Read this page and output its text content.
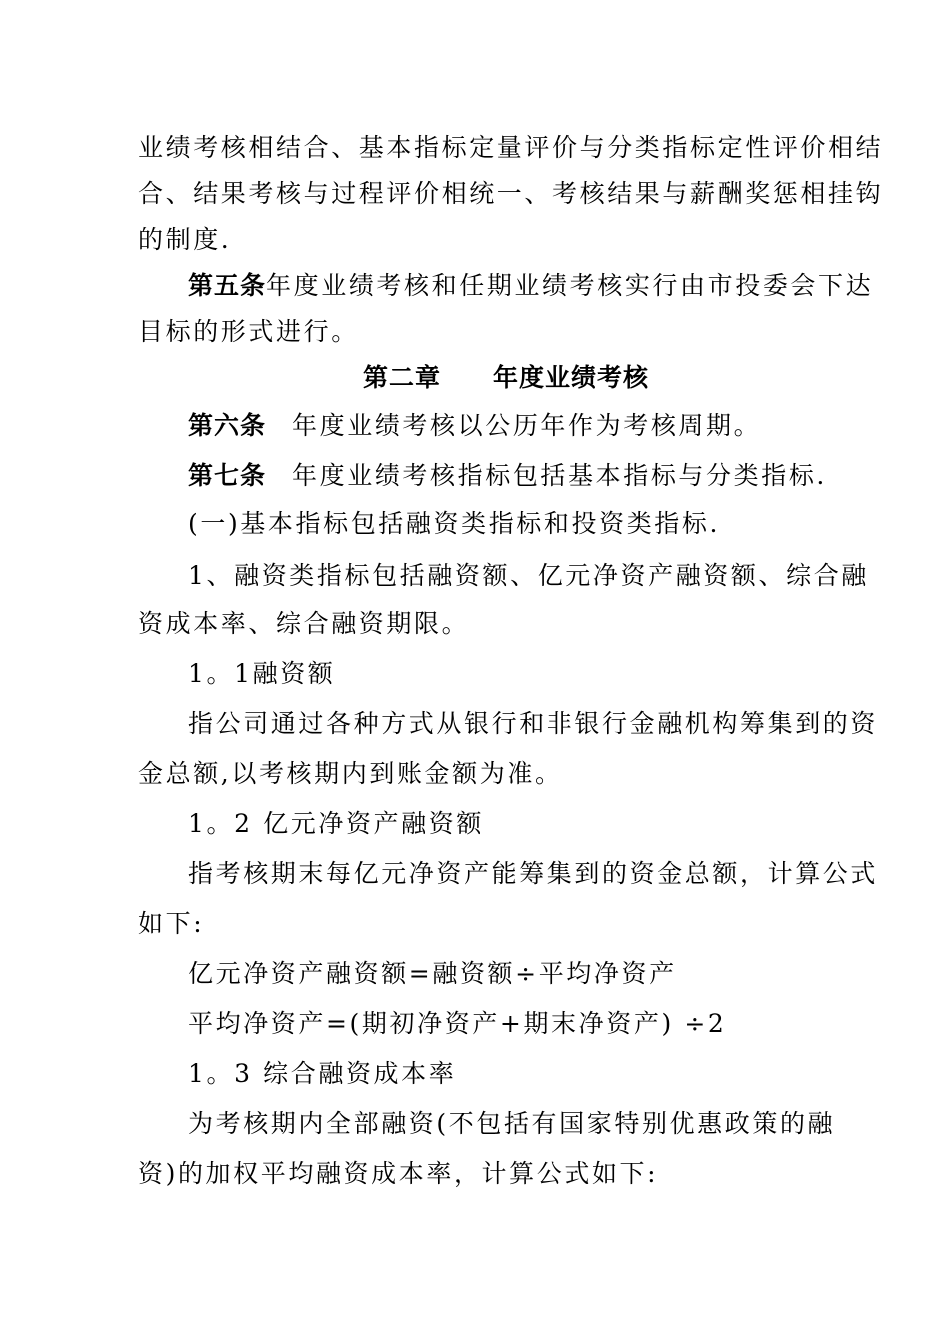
业绩考核相结合、基本指标定量评价与分类指标定性评价相结
合、结果考核与过程评价相统一、考核结果与薪酬奖惩相挂钩
的制度.
第五条年度业绩考核和任期业绩考核实行由市投委会下达
目标的形式进行。
第二章 年度业绩考核
第六条 年度业绩考核以公历年作为考核周期。
第七条 年度业绩考核指标包括基本指标与分类指标.
(一)基本指标包括融资类指标和投资类指标.
1、融资类指标包括融资额、亿元净资产融资额、综合融
资成本率、综合融资期限。
1。1融资额
指公司通过各种方式从银行和非银行金融机构筹集到的资
金总额,以考核期内到账金额为准。
1。2 亿元净资产融资额
指考核期末每亿元净资产能筹集到的资金总额，计算公式
如下:
亿元净资产融资额=融资额÷平均净资产
平均净资产=(期初净资产+期末净资产) ÷2
1。3 综合融资成本率
为考核期内全部融资(不包括有国家特别优惠政策的融
资)的加权平均融资成本率，计算公式如下:
